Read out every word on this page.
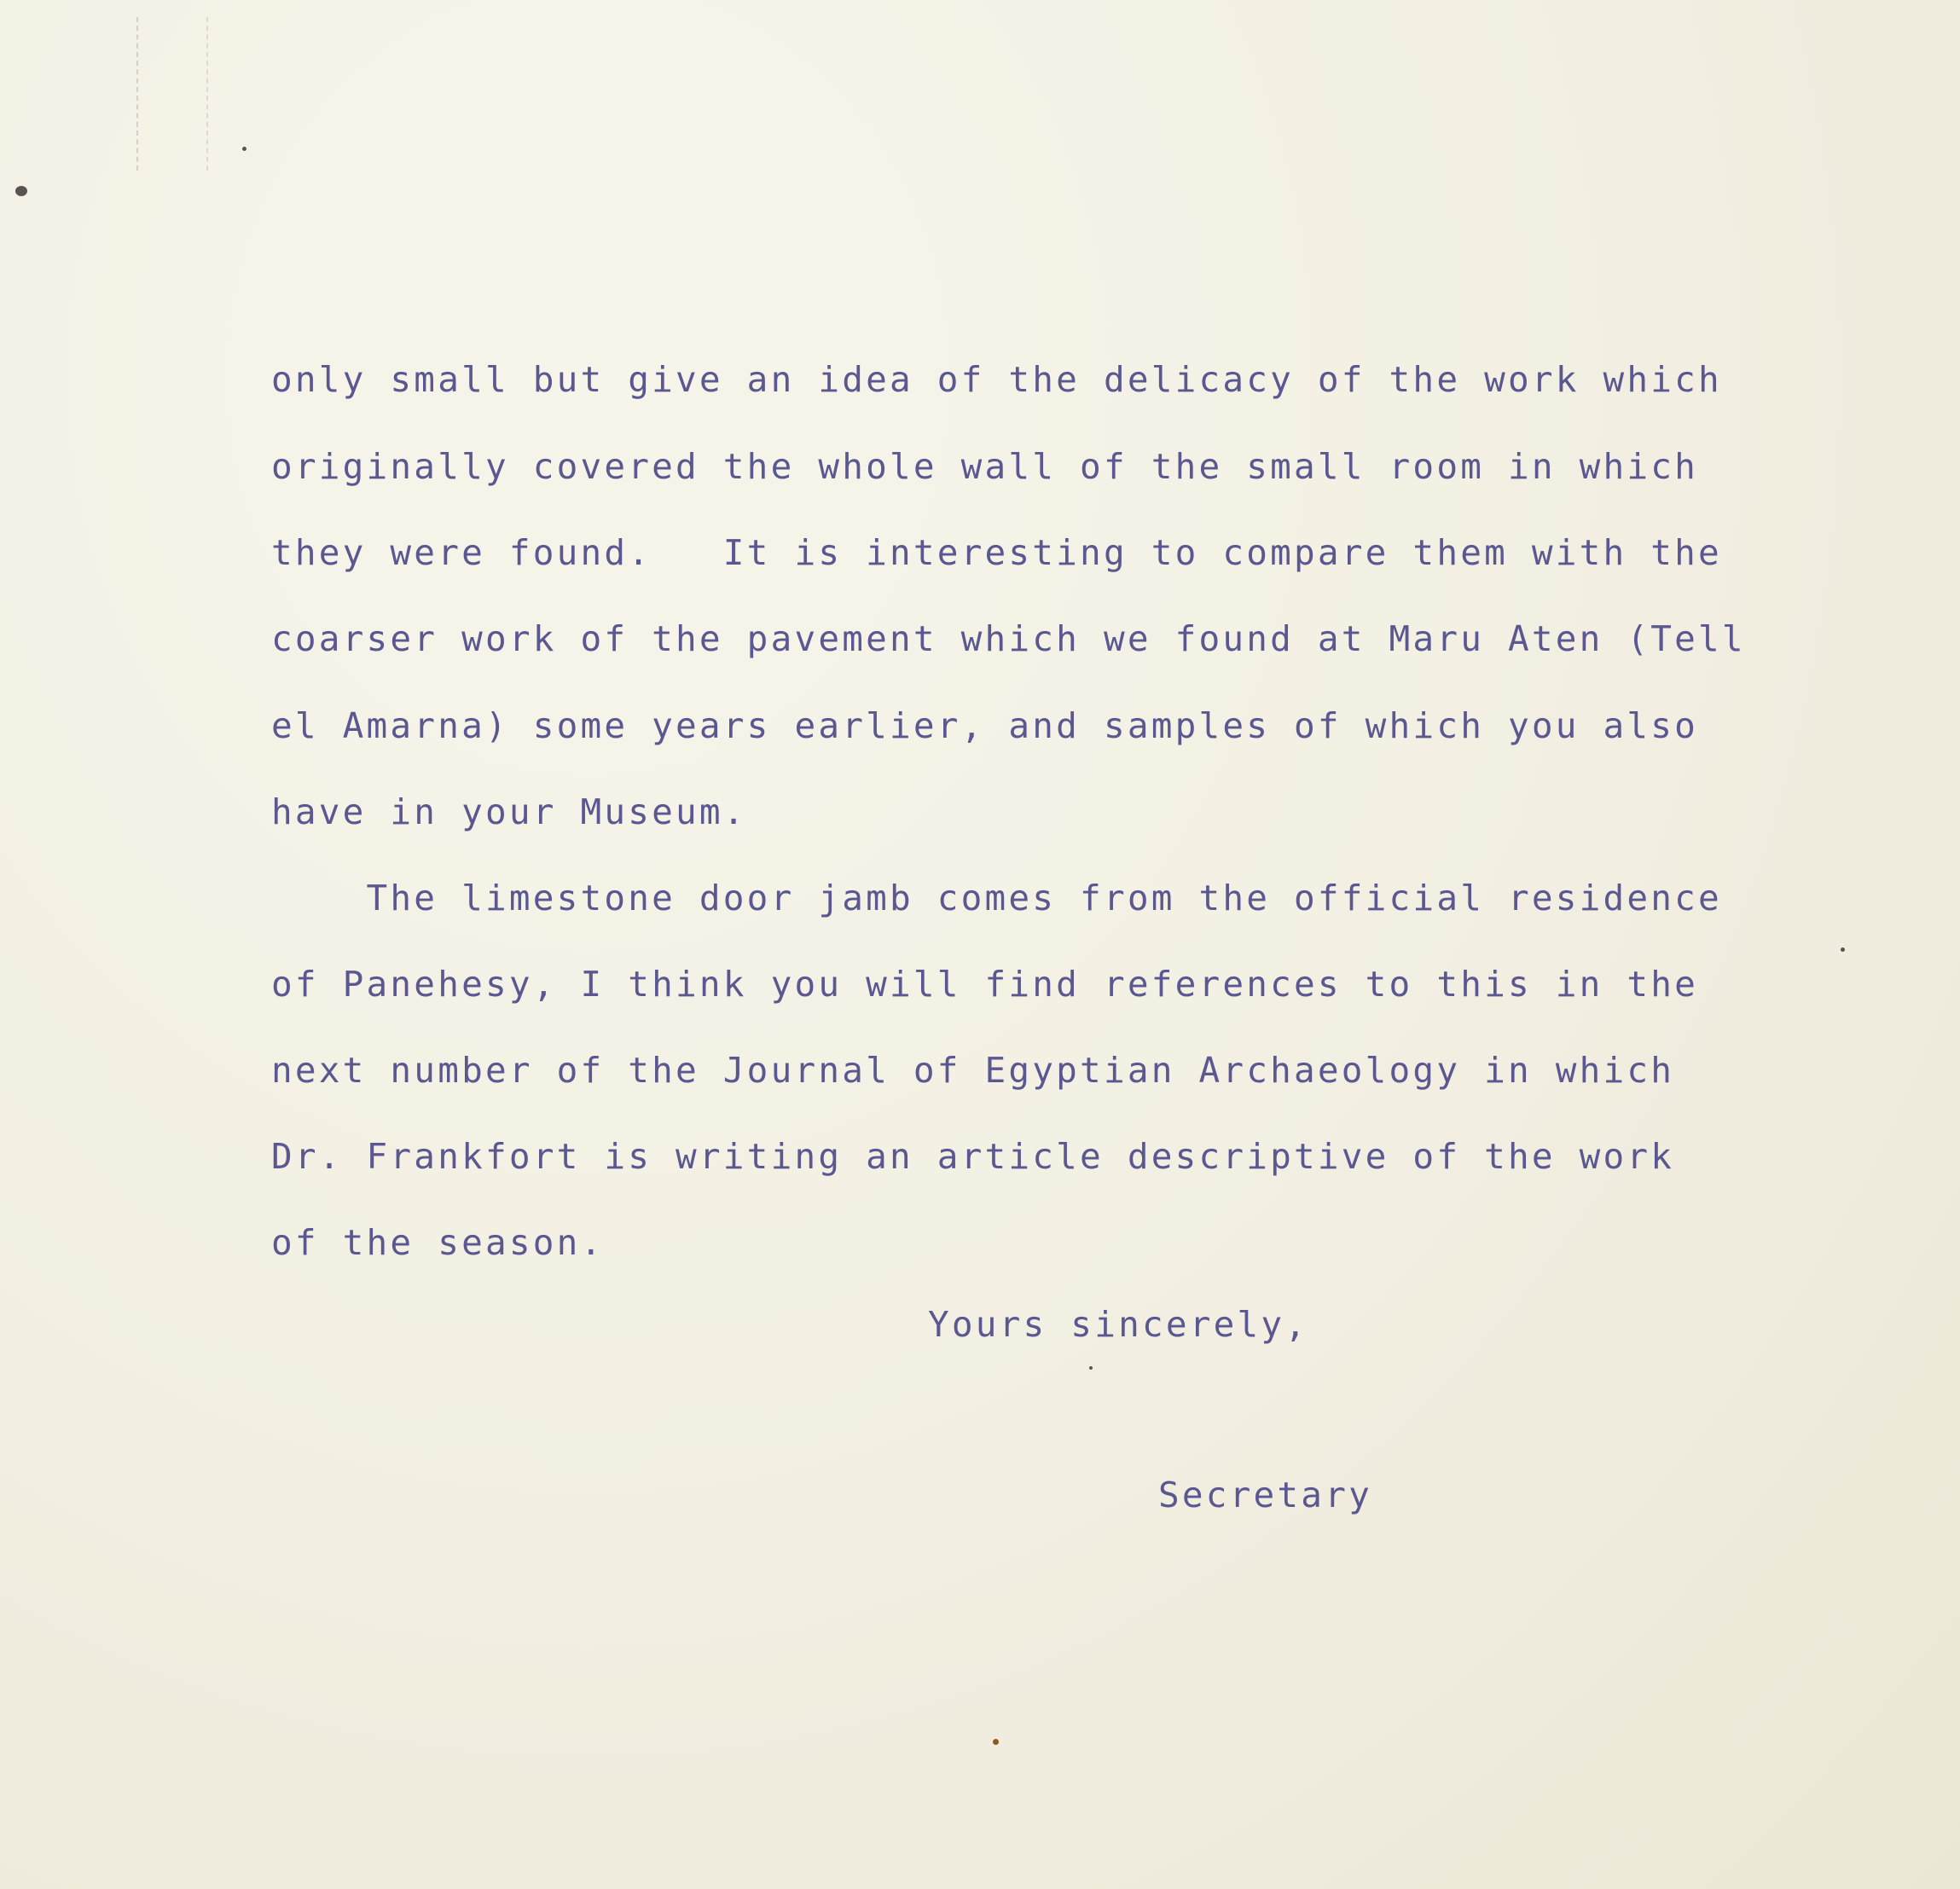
only small but give an idea of the delicacy of the work which
originally covered the whole wall of the small room in which
they were found.   It is interesting to compare them with the
coarser work of the pavement which we found at Maru Aten (Tell
el Amarna) some years earlier, and samples of which you also
have in your Museum.
The limestone door jamb comes from the official residence
of Panehesy, I think you will find references to this in the
next number of the Journal of Egyptian Archaeology in which
Dr. Frankfort is writing an article descriptive of the work
of the season.
Yours sincerely,
Secretary
